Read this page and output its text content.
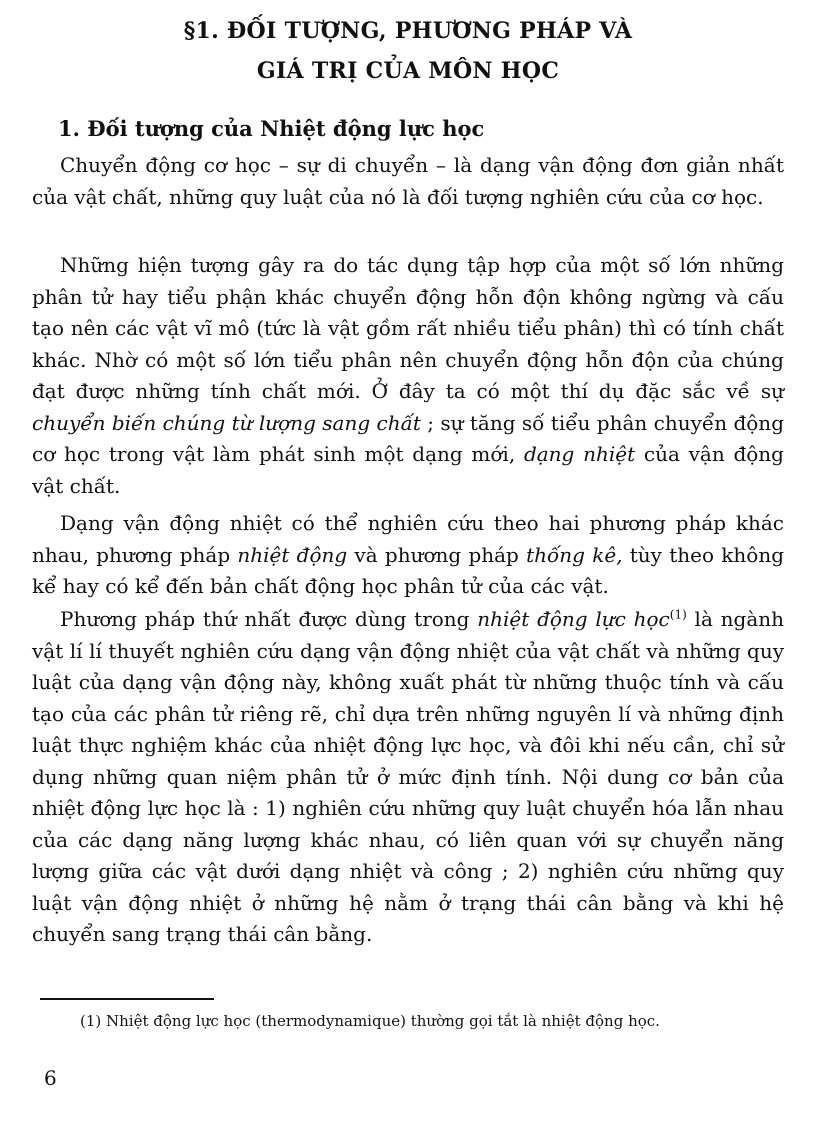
§1. ĐỐI TƯỢNG, PHƯƠNG PHÁP VÀ
GIÁ TRỊ CỦA MÔN HỌC
1. Đối tượng của Nhiệt động lực học

Chuyển động cơ học – sự di chuyển – là dạng vận động đơn giản nhất của vật chất, những quy luật của nó là đối tượng nghiên cứu của cơ học.

Những hiện tượng gây ra do tác dụng tập hợp của một số lớn những phân tử hay tiểu phận khác chuyển động hỗn độn không ngừng và cấu tạo nên các vật vĩ mô (tức là vật gồm rất nhiều tiểu phân) thì có tính chất khác. Nhờ có một số lớn tiểu phân nên chuyển động hỗn độn của chúng đạt được những tính chất mới. Ở đây ta có một thí dụ đặc sắc về sự chuyển biến chúng từ lượng sang chất ; sự tăng số tiểu phân chuyển động cơ học trong vật làm phát sinh một dạng mới, dạng nhiệt của vận động vật chất.

Dạng vận động nhiệt có thể nghiên cứu theo hai phương pháp khác nhau, phương pháp nhiệt động và phương pháp thống kê, tùy theo không kể hay có kể đến bản chất động học phân tử của các vật.

Phương pháp thứ nhất được dùng trong nhiệt động lực học$^{(1)}$ là ngành vật lí lí thuyết nghiên cứu dạng vận động nhiệt của vật chất và những quy luật của dạng vận động này, không xuất phát từ những thuộc tính và cấu tạo của các phân tử riêng rẽ, chỉ dựa trên những nguyên lí và những định luật thực nghiệm khác của nhiệt động lực học, và đôi khi nếu cần, chỉ sử dụng những quan niệm phân tử ở mức định tính. Nội dung cơ bản của nhiệt động lực học là : 1) nghiên cứu những quy luật chuyển hóa lẫn nhau của các dạng năng lượng khác nhau, có liên quan với sự chuyển năng lượng giữa các vật dưới dạng nhiệt và công ; 2) nghiên cứu những quy luật vận động nhiệt ở những hệ nằm ở trạng thái cân bằng và khi hệ chuyển sang trạng thái cân bằng.

(1) Nhiệt động lực học (thermodynamique) thường gọi tắt là nhiệt động học.
6
